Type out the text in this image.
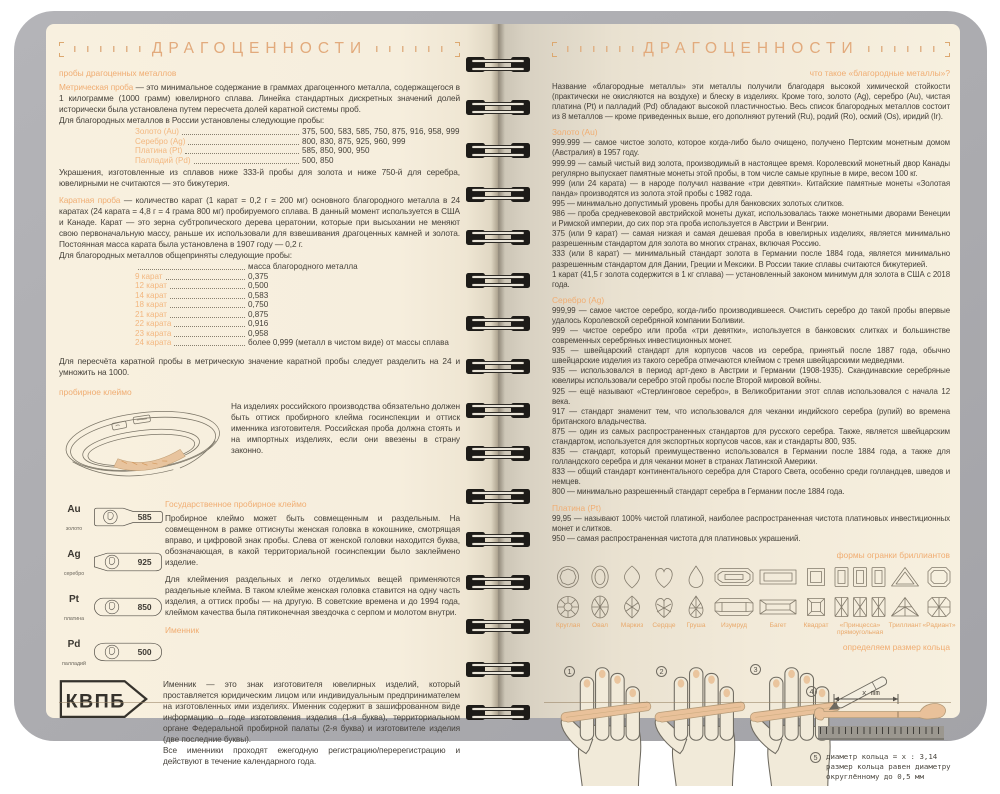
ДРАГОЦЕННОСТИ
пробы драгоценных металлов

Метрическая проба — это минимальное содержание в граммах драгоценного металла, содержащегося в 1 килограмме (1000 грамм) ювелирного сплава. Линейка стандартных дискретных значений долей исторически была установлена путем пересчета долей каратной системы проб.

Для благородных металлов в России установлены следующие пробы:

Золото (Au)	375, 500, 583, 585, 750, 875, 916, 958, 999
Серебро (Ag)	800, 830, 875, 925, 960, 999
Платина (Pt)	585, 850, 900, 950
Палладий (Pd)	500, 850

Украшения, изготовленные из сплавов ниже 333-й пробы для золота и ниже 750-й для серебра, ювелирными не считаются — это бижутерия.

Каратная проба — количество карат (1 карат = 0,2 г = 200 мг) основного благородного металла в 24 каратах (24 карата = 4,8 г = 4 грама 800 мг) пробируемого сплава. В данный момент используется в США и Канаде. Карат — это зерна субтропического дерева цератонии, которые при высыхании не меняют свою первоначальную массу, раньше их использовали для взвешивания драгоценных камней и золота. Постоянная масса карата была установлена в 1907 году — 0,2 г.

Для благородных металлов общеприняты следующие пробы:

масса благородного металла
9 карат	0,375
12 карат	0,500
14 карат	0,583
18 карат	0,750
21 карат	0,875
22 карата	0,916
23 карата	0,958
24 карата	более 0,999 (металл в чистом виде) от массы сплава

Для пересчёта каратной пробы в метрическую значение каратной пробы следует разделить на 24 и умножить на 1000.

пробирное клеймо

На изделиях российского производства обязательно должен быть оттиск пробирного клейма госинспекции и оттиск именника изготовителя. Российская проба должна стоять и на импортных изделиях, если они ввезены в страну законно.

Au
золото
585
Ag
серебро
925
Pt
платина
850
Pd
палладий
500
Государственное пробирное клеймо

Пробирное клеймо может быть совмещенным и раздельным. На совмещенном в рамке оттиснуты женская головка в кокошнике, смотрящая вправо, и цифровой знак пробы. Слева от женской головки находится буква, обозначающая, в какой территориальной госинспекции было заклеймено изделие.

Для клеймения раздельных и легко отделимых вещей применяются раздельные клейма. В таком клейме женская головка ставится на одну часть изделия, а оттиск пробы — на другую. В советские времена и до 1994 года, клеймом качества была пятиконечная звездочка с серпом и молотом внутри.

Именник
КВПБ

Именник — это знак изготовителя ювелирных изделий, который проставляется юридическим лицом или индивидуальным предпринимателем на изготовленных ими изделиях. Именник содержит в зашифрованном виде информацию о годе изготовления изделия (1-я буква), территориальном органе Федеральной пробирной палаты (2-я буква) и изготовителе изделия (две последние буквы).

Все именники проходят ежегодную регистрацию/перерегистрацию и действуют в течение календарного года.

ДРАГОЦЕННОСТИ
что такое «благородные металлы»?

Название «благородные металлы» эти металлы получили благодаря высокой химической стойкости (практически не окисляются на воздухе) и блеску в изделиях. Кроме того, золото (Ag), серебро (Au), чистая платина (Pt) и палладий (Pd) обладают высокой пластичностью. Весь список благородных металлов состоит из 8 металлов — кроме приведенных выше, его дополняют рутений (Ru), родий (Ro), осмий (Os), иридий (Ir).

Золото (Au)

999.999 — самое чистое золото, которое когда-либо было очищено, получено Пертским монетным домом (Австралия) в 1957 году.

999.99 — самый чистый вид золота, производимый в настоящее время. Королевский монетный двор Канады регулярно выпускает памятные монеты этой пробы, в том числе самые крупные в мире, весом 100 кг.

999 (или 24 карата) — в народе получил название «три девятки». Китайские памятные монеты «Золотая панда» производятся из золота этой пробы с 1982 года.

995 — минимально допустимый уровень пробы для банковских золотых слитков.

986 — проба средневековой австрийской монеты дукат, использовалась также монетными дворами Венеции и Римской империи, до сих пор эта проба используется в Австрии и Венгрии.

375 (или 9 карат) — самая низкая и самая дешевая проба в ювелирных изделиях, является минимально разрешенным стандартом для золота во многих странах, включая Россию.

333 (или 8 карат) — минимальный стандарт золота в Германии после 1884 года, является минимально разрешенным стандартом для Дании, Греции и Мексики. В России такие сплавы считаются бижутерией.

1 карат (41,5 г золота содержится в 1 кг сплава) — установленный законом минимум для золота в США с 2018 года.

Серебро (Ag)

999,99 — самое чистое серебро, когда-либо производившееся. Очистить серебро до такой пробы впервые удалось Королевской серебряной компании Боливии.

999 — чистое серебро или проба «три девятки», используется в банковских слитках и большинстве современных серебряных инвестиционных монет.

935 — швейцарский стандарт для корпусов часов из серебра, принятый после 1887 года, обычно швейцарские изделия из такого серебра отмечаются клеймом с тремя швейцарскими медведями.

935 — использовался в период арт-деко в Австрии и Германии (1908-1935). Скандинавские серебряные ювелиры использовали серебро этой пробы после Второй мировой войны.

925 — ещё называют «Стерлинговое серебро», в Великобритании этот сплав использовался с начала 12 века.

917 — стандарт знаменит тем, что использовался для чеканки индийского серебра (рупий) во времена британского владычества.

875 — один из самых распространенных стандартов для русского серебра. Также, является швейцарским стандартом, используется для экспортных корпусов часов, как и стандарты 800, 935.

835 — стандарт, который преимущественно использовался в Германии после 1884 года, а также для голландского серебра и для чеканки монет в странах Латинской Америки.

833 — общий стандарт континентального серебра для Старого Света, особенно среди голландцев, шведов и немцев.

800 — минимально разрешенный стандарт серебра в Германии после 1884 года.

Платина (Pt)

99,95 — называют 100% чистой платиной, наиболее распространенная чистота платиновых инвестиционных монет и слитков.

950 — самая распространенная чистота для платиновых украшений.

формы огранки бриллиантов
Круглая	Овал	Маркиз	Сердце	Груша	Изумруд	Багет	Квадрат	«Принцесса» прямоугольная
Триллиант «Радиант»
определяем размер кольца
1	2	3
4	x mm
5	диаметр кольца = x : 3,14
размер кольца равен диаметру
округлённому до 0,5 мм
